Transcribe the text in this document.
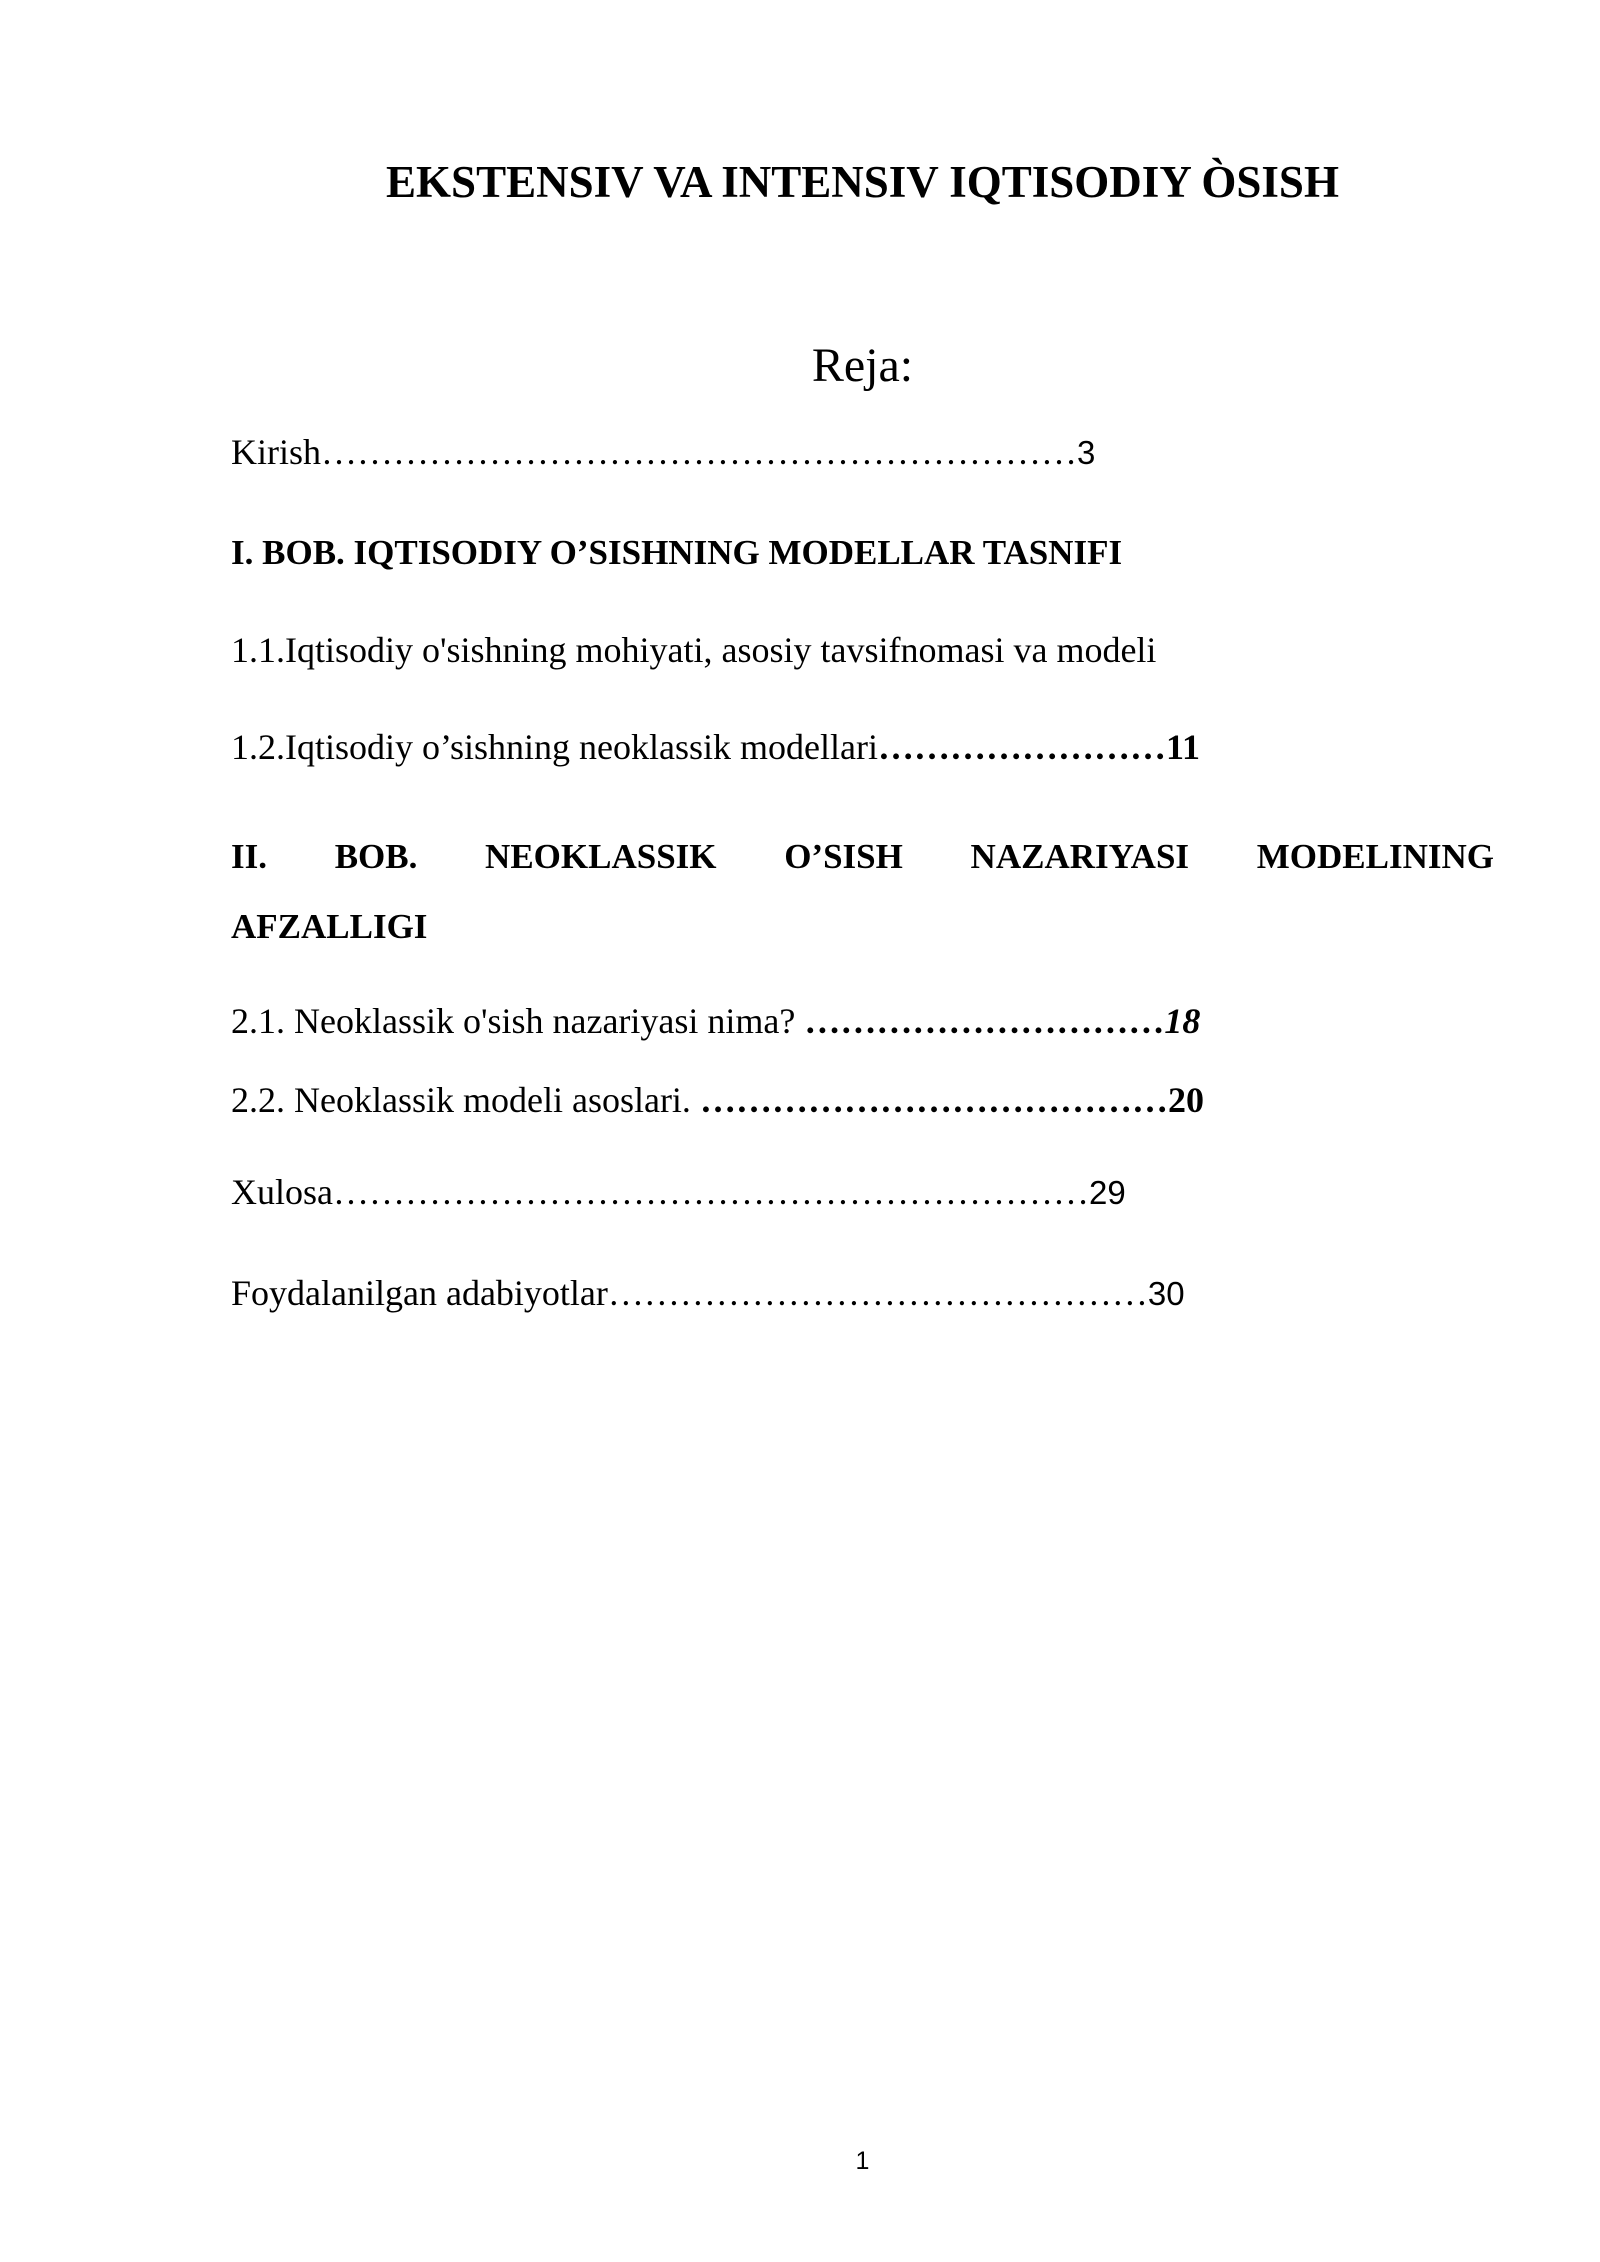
EKSTENSIV VA INTENSIV IQTISODIY ÒSISH
Reja:
Kirish………………………………………………………3
I. BOB. IQTISODIY O’SISHNING MODELLAR TASNIFI
1.1.Iqtisodiy o'sishning mohiyati, asosiy tavsifnomasi va modeli
1.2.Iqtisodiy o’sishning neoklassik modellari……………………11
II. BOB. NEOKLASSIK O’SISH NAZARIYASI MODELINING
AFZALLIGI
2.1. Neoklassik o'sish nazariyasi nima? …………………………18
2.2. Neoklassik modeli asoslari. …………………………………20
Xulosa………………………………………………………29
Foydalanilgan adabiyotlar………………………………………30
1
